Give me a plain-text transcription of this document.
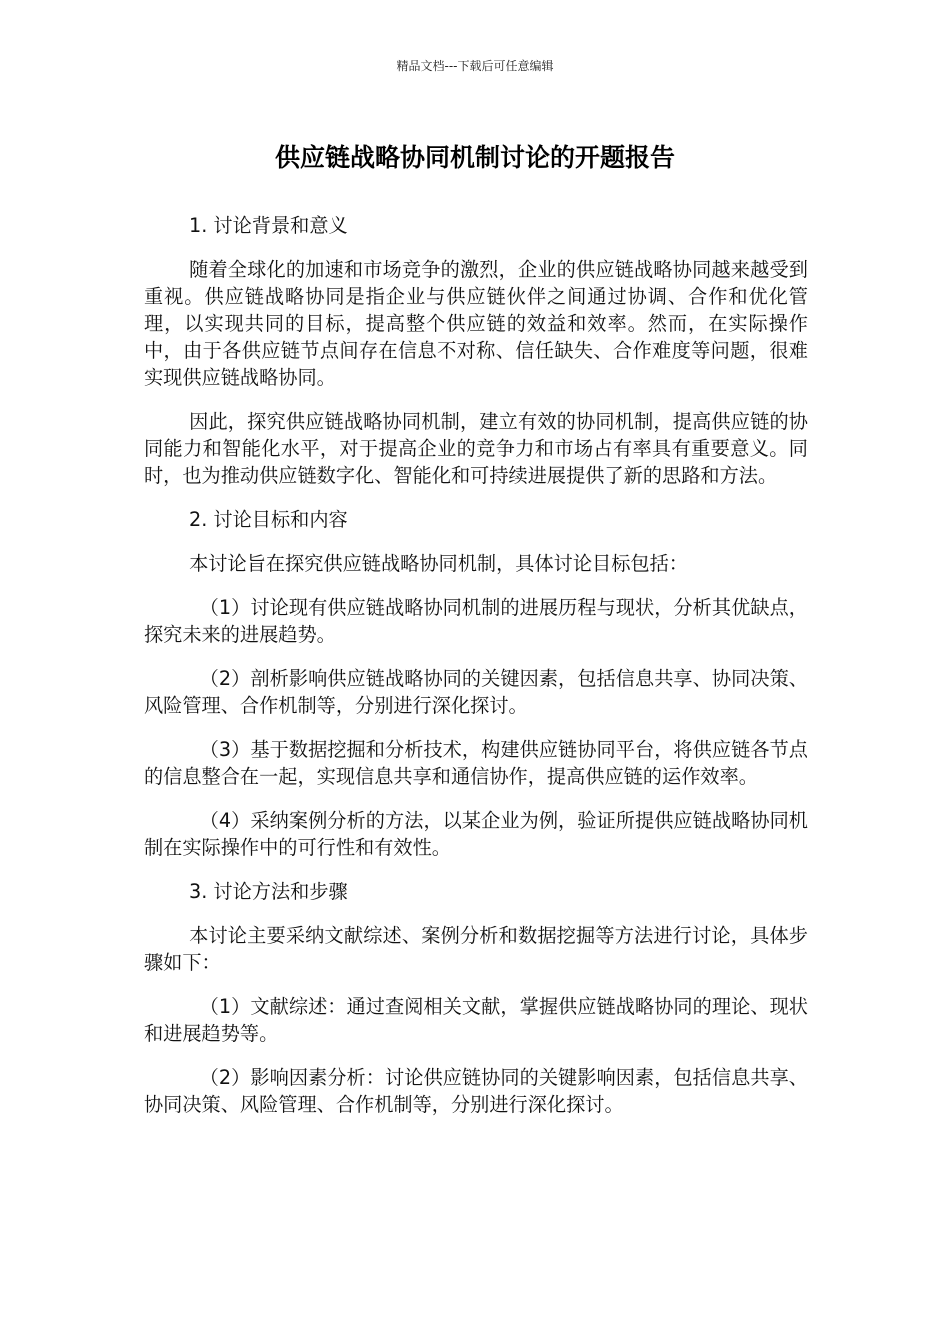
精品文档---下载后可任意编辑
供应链战略协同机制讨论的开题报告
1. 讨论背景和意义

随着全球化的加速和市场竞争的激烈，企业的供应链战略协同越来越受到重视。供应链战略协同是指企业与供应链伙伴之间通过协调、合作和优化管理，以实现共同的目标，提高整个供应链的效益和效率。然而，在实际操作中，由于各供应链节点间存在信息不对称、信任缺失、合作难度等问题，很难实现供应链战略协同。

因此，探究供应链战略协同机制，建立有效的协同机制，提高供应链的协同能力和智能化水平，对于提高企业的竞争力和市场占有率具有重要意义。同时，也为推动供应链数字化、智能化和可持续进展提供了新的思路和方法。

2. 讨论目标和内容

本讨论旨在探究供应链战略协同机制，具体讨论目标包括：

（1）讨论现有供应链战略协同机制的进展历程与现状，分析其优缺点，探究未来的进展趋势。

（2）剖析影响供应链战略协同的关键因素，包括信息共享、协同决策、风险管理、合作机制等，分别进行深化探讨。

（3）基于数据挖掘和分析技术，构建供应链协同平台，将供应链各节点的信息整合在一起，实现信息共享和通信协作，提高供应链的运作效率。

（4）采纳案例分析的方法，以某企业为例，验证所提供应链战略协同机制在实际操作中的可行性和有效性。

3. 讨论方法和步骤

本讨论主要采纳文献综述、案例分析和数据挖掘等方法进行讨论，具体步骤如下：

（1）文献综述：通过查阅相关文献，掌握供应链战略协同的理论、现状和进展趋势等。

（2）影响因素分析：讨论供应链协同的关键影响因素，包括信息共享、协同决策、风险管理、合作机制等，分别进行深化探讨。
